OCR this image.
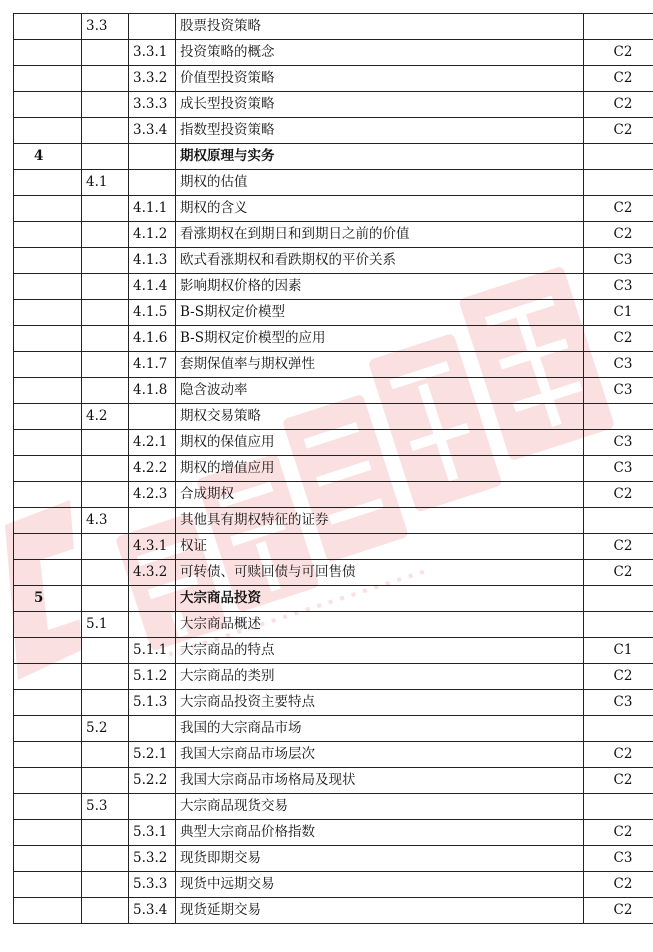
	3.3		股票投资策略	
		3.3.1	投资策略的概念	C2
		3.3.2	价值型投资策略	C2
		3.3.3	成长型投资策略	C2
		3.3.4	指数型投资策略	C2
4			期权原理与实务	
	4.1		期权的估值	
		4.1.1	期权的含义	C2
		4.1.2	看涨期权在到期日和到期日之前的价值	C2
		4.1.3	欧式看涨期权和看跌期权的平价关系	C3
		4.1.4	影响期权价格的因素	C3
		4.1.5	B-S期权定价模型	C1
		4.1.6	B-S期权定价模型的应用	C2
		4.1.7	套期保值率与期权弹性	C3
		4.1.8	隐含波动率	C3
	4.2		期权交易策略	
		4.2.1	期权的保值应用	C3
		4.2.2	期权的增值应用	C3
		4.2.3	合成期权	C2
	4.3		其他具有期权特征的证券	
		4.3.1	权证	C2
		4.3.2	可转债、可赎回债与可回售债	C2
5			大宗商品投资	
	5.1		大宗商品概述	
		5.1.1	大宗商品的特点	C1
		5.1.2	大宗商品的类别	C2
		5.1.3	大宗商品投资主要特点	C3
	5.2		我国的大宗商品市场	
		5.2.1	我国大宗商品市场层次	C2
		5.2.2	我国大宗商品市场格局及现状	C2
	5.3		大宗商品现货交易	
		5.3.1	典型大宗商品价格指数	C2
		5.3.2	现货即期交易	C3
		5.3.3	现货中远期交易	C2
		5.3.4	现货延期交易	C2
